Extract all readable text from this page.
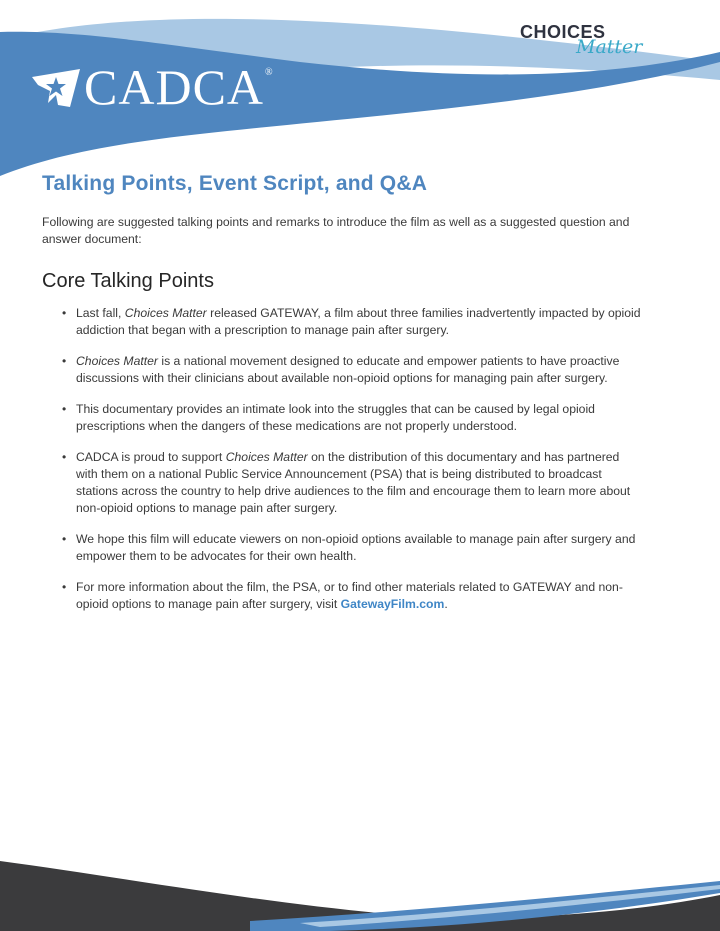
CADCA®
CHOICES
Matter
Talking Points, Event Script, and Q&A

Following are suggested talking points and remarks to introduce the film as well as a suggested question and answer document:

Core Talking Points
• Last fall, Choices Matter released GATEWAY, a film about three families inadvertently impacted by opioid addiction that began with a prescription to manage pain after surgery.
• Choices Matter is a national movement designed to educate and empower patients to have proactive discussions with their clinicians about available non-opioid options for managing pain after surgery.
• This documentary provides an intimate look into the struggles that can be caused by legal opioid prescriptions when the dangers of these medications are not properly understood.
• CADCA is proud to support Choices Matter on the distribution of this documentary and has partnered with them on a national Public Service Announcement (PSA) that is being distributed to broadcast stations across the country to help drive audiences to the film and encourage them to learn more about non-opioid options to manage pain after surgery.
• We hope this film will educate viewers on non-opioid options available to manage pain after surgery and empower them to be advocates for their own health.
• For more information about the film, the PSA, or to find other materials related to GATEWAY and non-opioid options to manage pain after surgery, visit GatewayFilm.com.
